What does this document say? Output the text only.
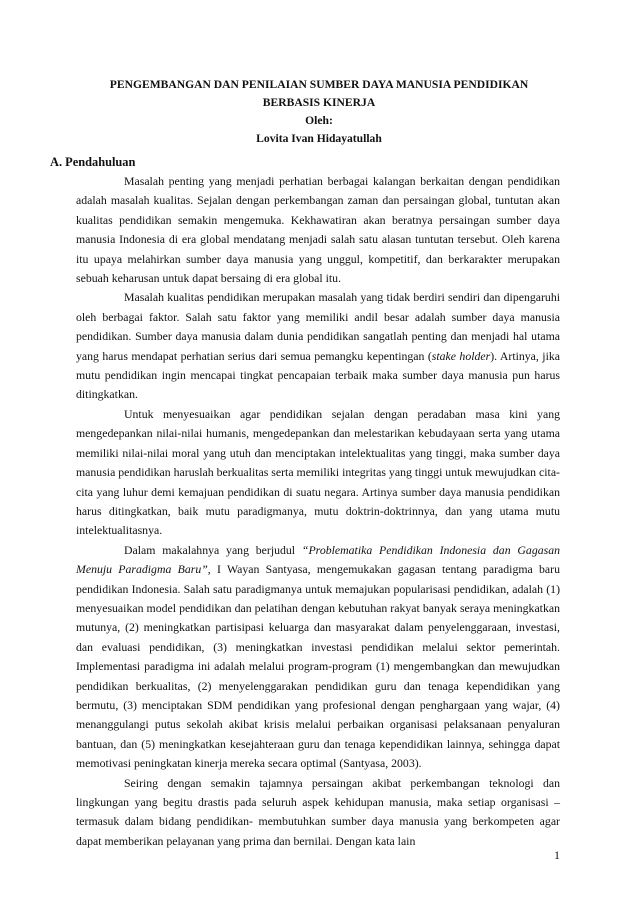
PENGEMBANGAN DAN PENILAIAN SUMBER DAYA MANUSIA PENDIDIKAN
BERBASIS KINERJA
Oleh:
Lovita Ivan Hidayatullah
A. Pendahuluan

Masalah penting yang menjadi perhatian berbagai kalangan berkaitan dengan pendidikan adalah masalah kualitas. Sejalan dengan perkembangan zaman dan persaingan global, tuntutan akan kualitas pendidikan semakin mengemuka. Kekhawatiran akan beratnya persaingan sumber daya manusia Indonesia di era global mendatang menjadi salah satu alasan tuntutan tersebut. Oleh karena itu upaya melahirkan sumber daya manusia yang unggul, kompetitif, dan berkarakter merupakan sebuah keharusan untuk dapat bersaing di era global itu.

Masalah kualitas pendidikan merupakan masalah yang tidak berdiri sendiri dan dipengaruhi oleh berbagai faktor. Salah satu faktor yang memiliki andil besar adalah sumber daya manusia pendidikan. Sumber daya manusia dalam dunia pendidikan sangatlah penting dan menjadi hal utama yang harus mendapat perhatian serius dari semua pemangku kepentingan (stake holder). Artinya, jika mutu pendidikan ingin mencapai tingkat pencapaian terbaik maka sumber daya manusia pun harus ditingkatkan.

Untuk menyesuaikan agar pendidikan sejalan dengan peradaban masa kini yang mengedepankan nilai-nilai humanis, mengedepankan dan melestarikan kebudayaan serta yang utama memiliki nilai-nilai moral yang utuh dan menciptakan intelektualitas yang tinggi, maka sumber daya manusia pendidikan haruslah berkualitas serta memiliki integritas yang tinggi untuk mewujudkan cita-cita yang luhur demi kemajuan pendidikan di suatu negara. Artinya sumber daya manusia pendidikan harus ditingkatkan, baik mutu paradigmanya, mutu doktrin-doktrinnya, dan yang utama mutu intelektualitasnya.

Dalam makalahnya yang berjudul “Problematika Pendidikan Indonesia dan Gagasan Menuju Paradigma Baru”, I Wayan Santyasa, mengemukakan gagasan tentang paradigma baru pendidikan Indonesia. Salah satu paradigmanya untuk memajukan popularisasi pendidikan, adalah (1) menyesuaikan model pendidikan dan pelatihan dengan kebutuhan rakyat banyak seraya meningkatkan mutunya, (2) meningkatkan partisipasi keluarga dan masyarakat dalam penyelenggaraan, investasi, dan evaluasi pendidikan, (3) meningkatkan investasi pendidikan melalui sektor pemerintah. Implementasi paradigma ini adalah melalui program-program (1) mengembangkan dan mewujudkan pendidikan berkualitas, (2) menyelenggarakan pendidikan guru dan tenaga kependidikan yang bermutu, (3) menciptakan SDM pendidikan yang profesional dengan penghargaan yang wajar, (4) menanggulangi putus sekolah akibat krisis melalui perbaikan organisasi pelaksanaan penyaluran bantuan, dan (5) meningkatkan kesejahteraan guru dan tenaga kependidikan lainnya, sehingga dapat memotivasi peningkatan kinerja mereka secara optimal (Santyasa, 2003).

Seiring dengan semakin tajamnya persaingan akibat perkembangan teknologi dan lingkungan yang begitu drastis pada seluruh aspek kehidupan manusia, maka setiap organisasi –termasuk dalam bidang pendidikan- membutuhkan sumber daya manusia yang berkompeten agar dapat memberikan pelayanan yang prima dan bernilai. Dengan kata lain

1
